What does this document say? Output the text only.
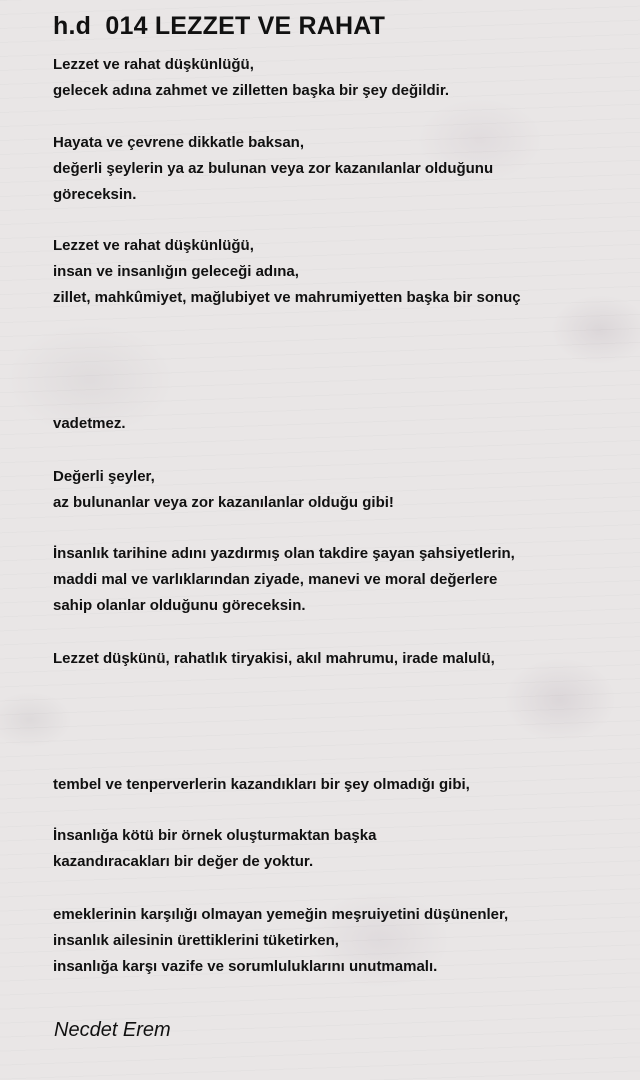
h.d  014 LEZZET VE RAHAT

Lezzet ve rahat düşkünlüğü,
gelecek adına zahmet ve zilletten başka bir şey değildir.

Hayata ve çevrene dikkatle baksan,
değerli şeylerin ya az bulunan veya zor kazanılanlar olduğunu
göreceksin.

Lezzet ve rahat düşkünlüğü,
insan ve insanlığın geleceği adına,
zillet, mahkûmiyet, mağlubiyet ve mahrumiyetten başka bir sonuç

vadetmez.

Değerli şeyler,
az bulunanlar veya zor kazanılanlar olduğu gibi!

İnsanlık tarihine adını yazdırmış olan takdire şayan şahsiyetlerin,
maddi mal ve varlıklarından ziyade, manevi ve moral değerlere
sahip olanlar olduğunu göreceksin.

Lezzet düşkünü, rahatlık tiryakisi, akıl mahrumu, irade malulü,

tembel ve tenperverlerin kazandıkları bir şey olmadığı gibi,

İnsanlığa kötü bir örnek oluşturmaktan başka
kazandıracakları bir değer de yoktur.

emeklerinin karşılığı olmayan yemeğin meşruiyetini düşünenler,
insanlık ailesinin ürettiklerini tüketirken,
insanlığa karşı vazife ve sorumluluklarını unutmamalı.

Necdet Erem
